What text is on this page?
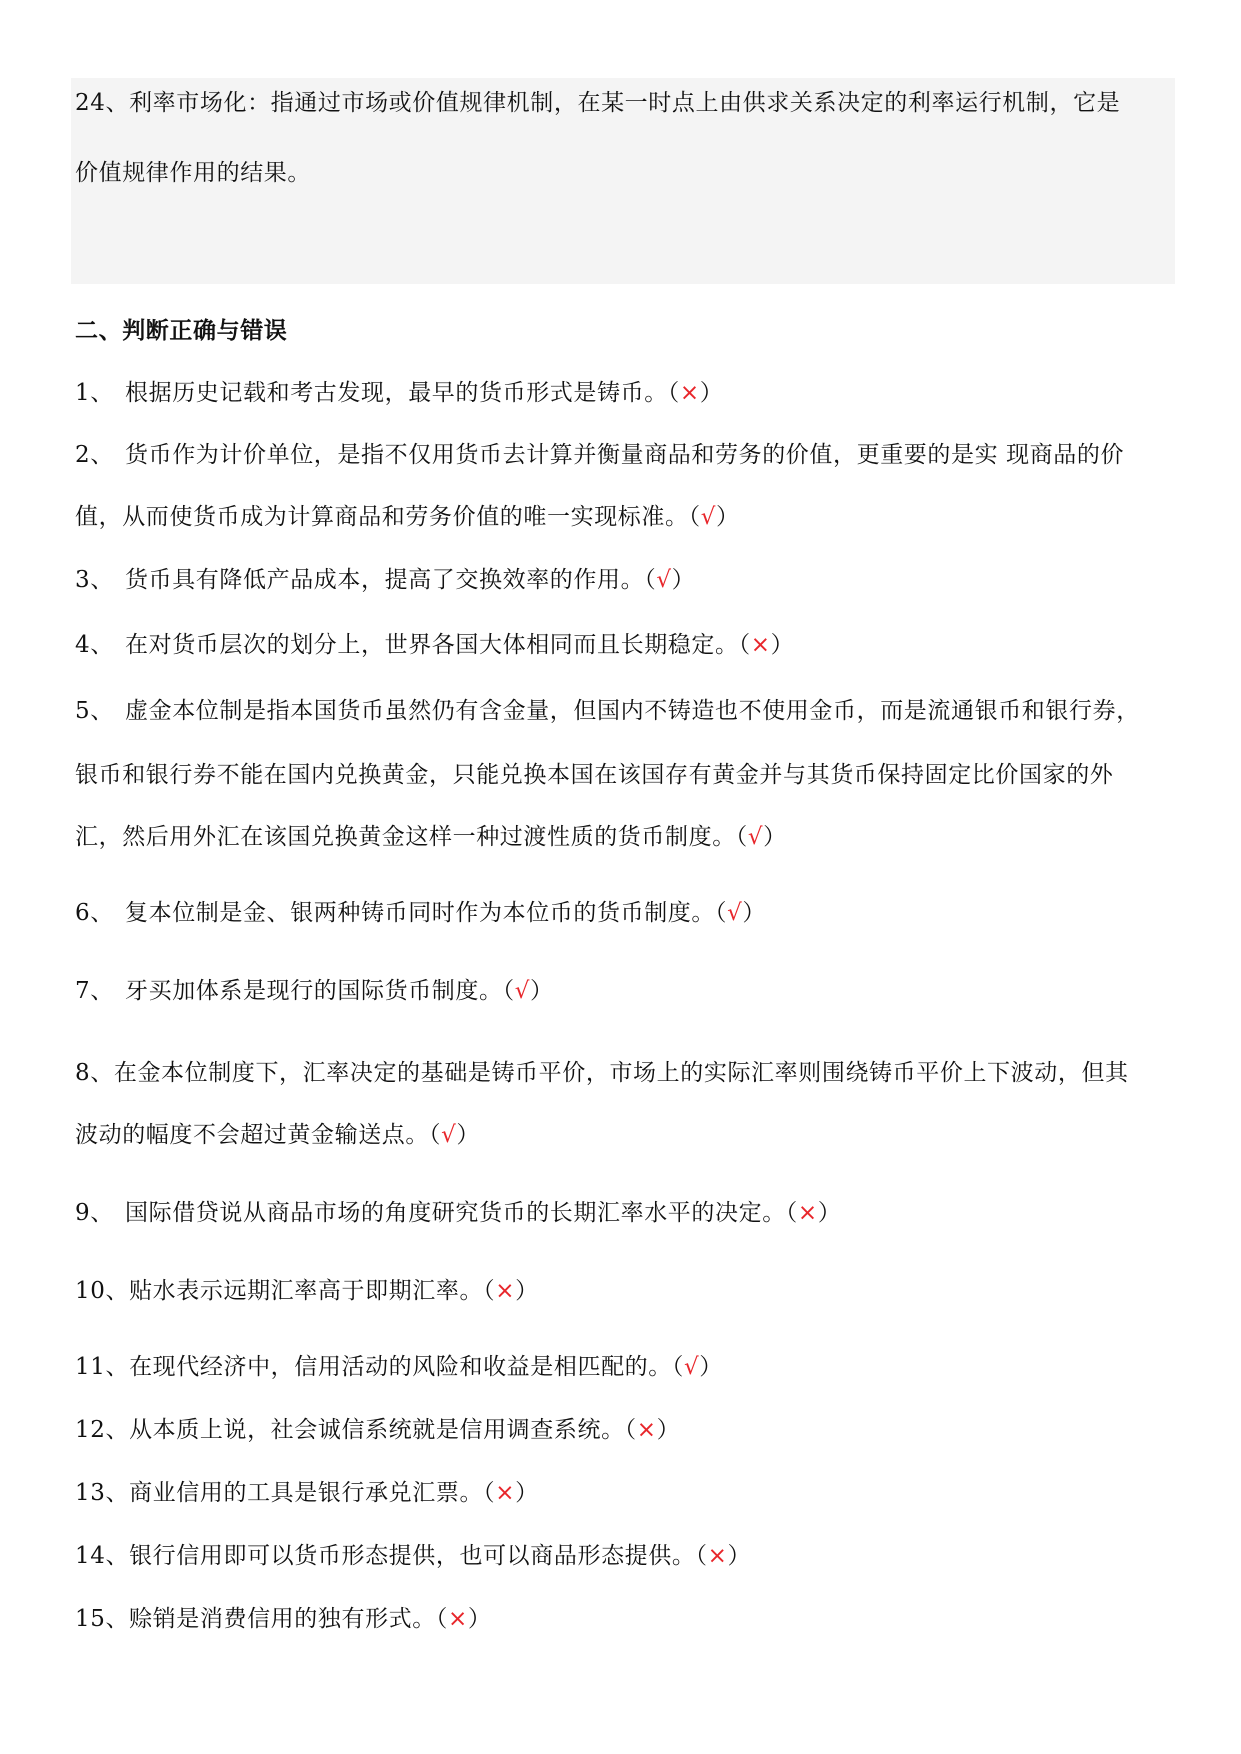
24、利率市场化：指通过市场或价值规律机制，在某一时点上由供求关系决定的利率运行机制，它是
价值规律作用的结果。
二、判断正确与错误
1、 根据历史记载和考古发现，最早的货币形式是铸币。（×）
2、 货币作为计价单位，是指不仅用货币去计算并衡量商品和劳务的价值，更重要的是实 现商品的价
值，从而使货币成为计算商品和劳务价值的唯一实现标准。（√）
3、 货币具有降低产品成本，提高了交换效率的作用。（√）
4、 在对货币层次的划分上，世界各国大体相同而且长期稳定。（×）
5、 虚金本位制是指本国货币虽然仍有含金量，但国内不铸造也不使用金币，而是流通银币和银行券，
银币和银行券不能在国内兑换黄金，只能兑换本国在该国存有黄金并与其货币保持固定比价国家的外
汇，然后用外汇在该国兑换黄金这样一种过渡性质的货币制度。（√）
6、 复本位制是金、银两种铸币同时作为本位币的货币制度。（√）
7、 牙买加体系是现行的国际货币制度。（√）
8、在金本位制度下，汇率决定的基础是铸币平价，市场上的实际汇率则围绕铸币平价上下波动，但其
波动的幅度不会超过黄金输送点。（√）
9、 国际借贷说从商品市场的角度研究货币的长期汇率水平的决定。（×）
10、贴水表示远期汇率高于即期汇率。（×）
11、在现代经济中，信用活动的风险和收益是相匹配的。（√）
12、从本质上说，社会诚信系统就是信用调查系统。（×）
13、商业信用的工具是银行承兑汇票。（×）
14、银行信用即可以货币形态提供，也可以商品形态提供。（×）
15、赊销是消费信用的独有形式。（×）
